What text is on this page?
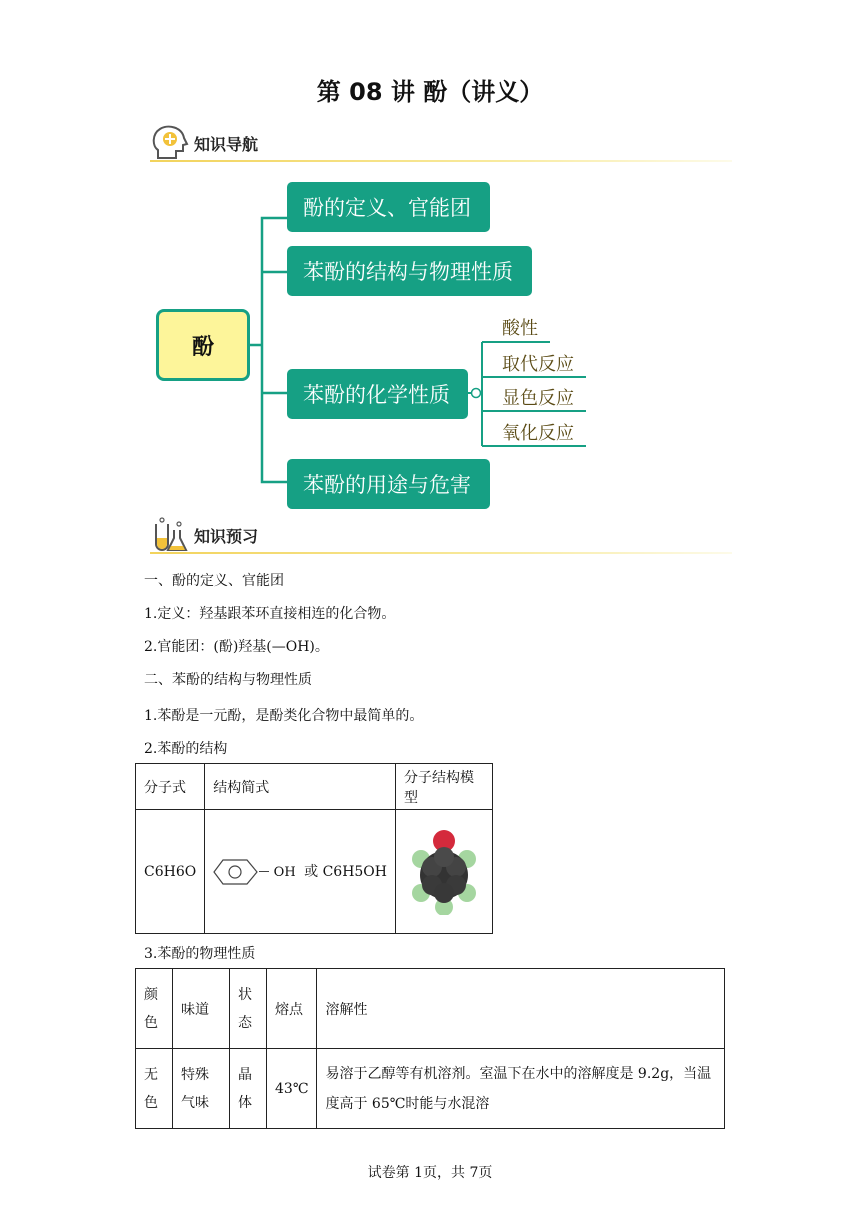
第 08 讲 酚（讲义）
知识导航
酚
酚的定义、官能团
苯酚的结构与物理性质
苯酚的化学性质
苯酚的用途与危害
酸性
取代反应
显色反应
氧化反应
知识预习
一、酚的定义、官能团
1.定义：羟基跟苯环直接相连的化合物。
2.官能团：(酚)羟基(—OH)。
二、苯酚的结构与物理性质
1.苯酚是一元酚，是酚类化合物中最简单的。
2.苯酚的结构
分子式	结构简式	分子结构模型
C6H6O	OH 或 C6H5OH	
3.苯酚的物理性质
颜色	味道	状态	熔点	溶解性
无色	特殊气味	晶体	43℃	易溶于乙醇等有机溶剂。室温下在水中的溶解度是 9.2g，当温度高于 65℃时能与水混溶
试卷第 1页，共 7页
